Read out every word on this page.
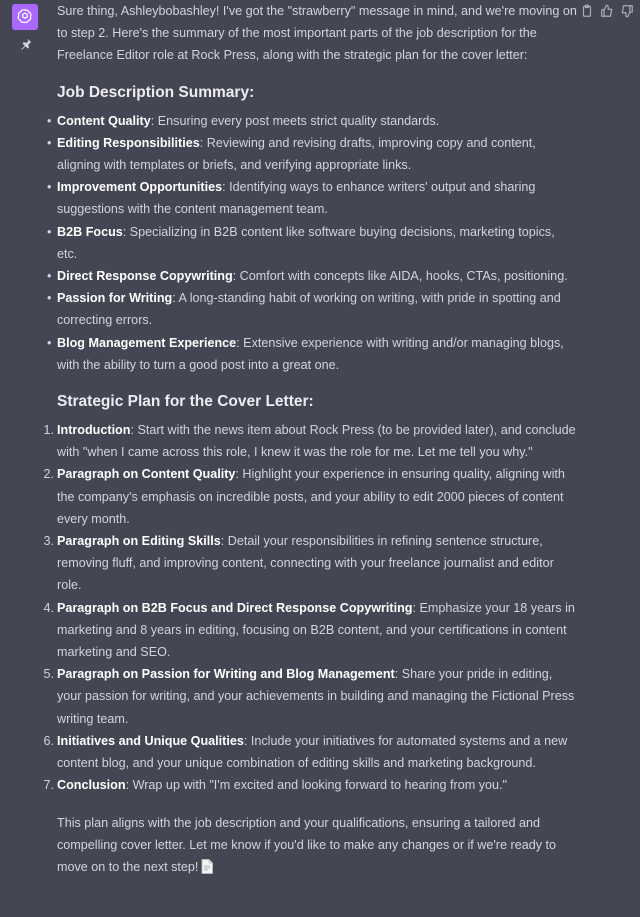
Sure thing, Ashleybobashley! I've got the "strawberry" message in mind, and we're moving on to step 2. Here's the summary of the most important parts of the job description for the Freelance Editor role at Rock Press, along with the strategic plan for the cover letter:

Job Description Summary:
• Content Quality: Ensuring every post meets strict quality standards.
• Editing Responsibilities: Reviewing and revising drafts, improving copy and content, aligning with templates or briefs, and verifying appropriate links.
• Improvement Opportunities: Identifying ways to enhance writers' output and sharing suggestions with the content management team.
• B2B Focus: Specializing in B2B content like software buying decisions, marketing topics, etc.
• Direct Response Copywriting: Comfort with concepts like AIDA, hooks, CTAs, positioning.
• Passion for Writing: A long-standing habit of working on writing, with pride in spotting and correcting errors.
• Blog Management Experience: Extensive experience with writing and/or managing blogs, with the ability to turn a good post into a great one.
Strategic Plan for the Cover Letter:
1. Introduction: Start with the news item about Rock Press (to be provided later), and conclude with "when I came across this role, I knew it was the role for me. Let me tell you why."
2. Paragraph on Content Quality: Highlight your experience in ensuring quality, aligning with the company's emphasis on incredible posts, and your ability to edit 2000 pieces of content every month.
3. Paragraph on Editing Skills: Detail your responsibilities in refining sentence structure, removing fluff, and improving content, connecting with your freelance journalist and editor role.
4. Paragraph on B2B Focus and Direct Response Copywriting: Emphasize your 18 years in marketing and 8 years in editing, focusing on B2B content, and your certifications in content marketing and SEO.
5. Paragraph on Passion for Writing and Blog Management: Share your pride in editing, your passion for writing, and your achievements in building and managing the Fictional Press writing team.
6. Initiatives and Unique Qualities: Include your initiatives for automated systems and a new content blog, and your unique combination of editing skills and marketing background.
7. Conclusion: Wrap up with "I'm excited and looking forward to hearing from you."

This plan aligns with the job description and your qualifications, ensuring a tailored and compelling cover letter. Let me know if you'd like to make any changes or if we're ready to move on to the next step!
